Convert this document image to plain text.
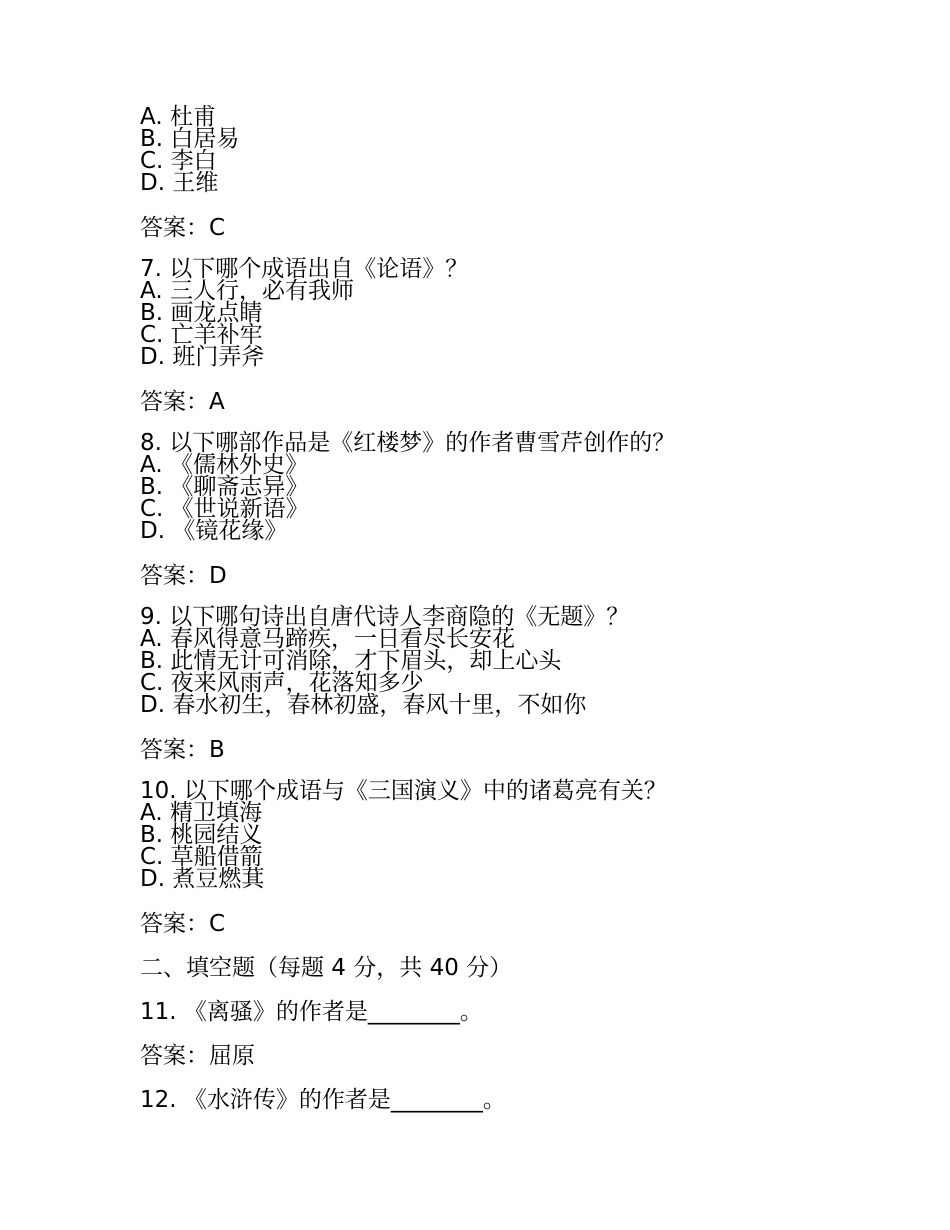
A. 杜甫
B. 白居易
C. 李白
D. 王维
答案：C
7. 以下哪个成语出自《论语》？
A. 三人行，必有我师
B. 画龙点睛
C. 亡羊补牢
D. 班门弄斧
答案：A
8. 以下哪部作品是《红楼梦》的作者曹雪芹创作的？
A. 《儒林外史》
B. 《聊斋志异》
C. 《世说新语》
D. 《镜花缘》
答案：D
9. 以下哪句诗出自唐代诗人李商隐的《无题》？
A. 春风得意马蹄疾，一日看尽长安花
B. 此情无计可消除，才下眉头，却上心头
C. 夜来风雨声，花落知多少
D. 春水初生，春林初盛，春风十里，不如你
答案：B
10. 以下哪个成语与《三国演义》中的诸葛亮有关？
A. 精卫填海
B. 桃园结义
C. 草船借箭
D. 煮豆燃萁
答案：C
二、填空题（每题 4 分，共 40 分）
11. 《离骚》的作者是________。
答案：屈原
12. 《水浒传》的作者是________。
